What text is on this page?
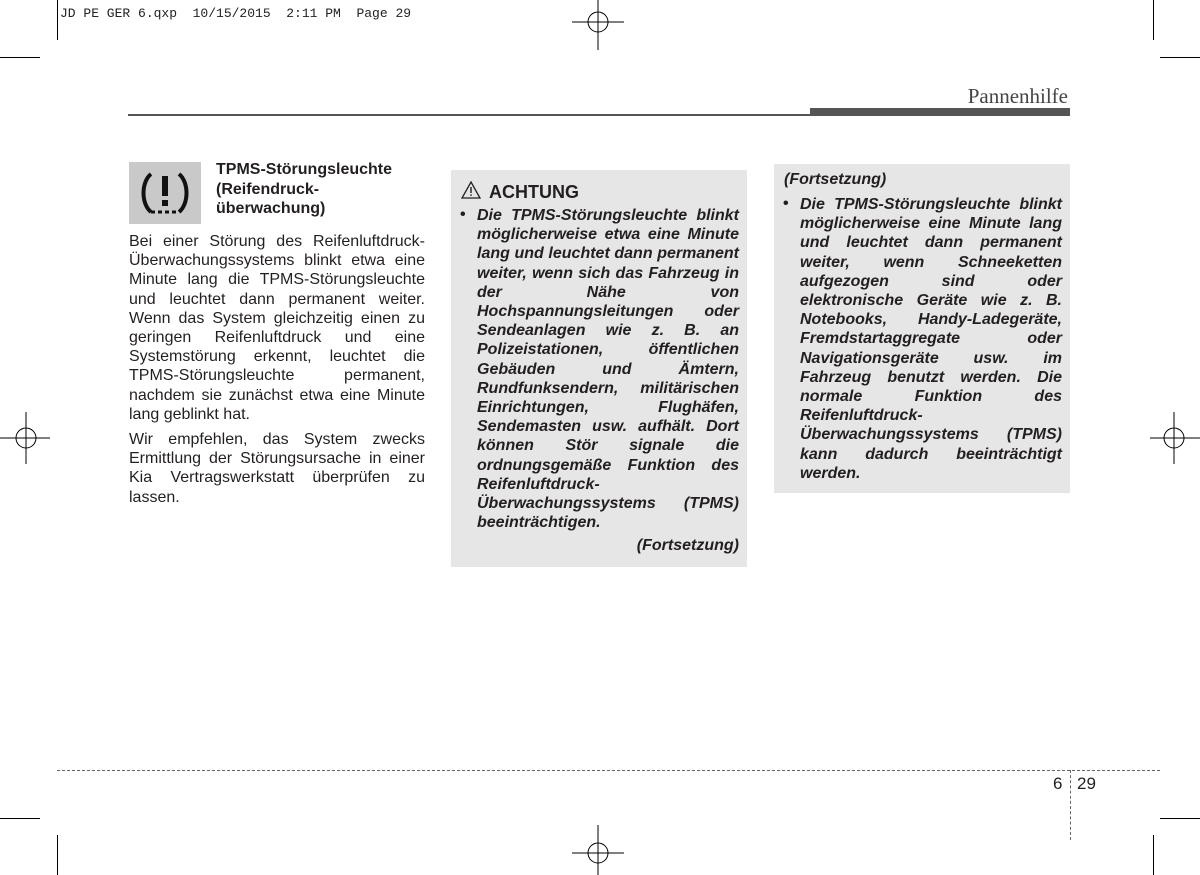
JD PE GER 6.qxp  10/15/2015  2:11 PM  Page 29
Pannenhilfe
TPMS-Störungsleuchte (Reifendruck-überwachung)

Bei einer Störung des Reifenluftdruck-Überwachungssystems blinkt etwa eine Minute lang die TPMS-Störungsleuchte und leuchtet dann permanent weiter. Wenn das System gleichzeitig einen zu geringen Reifenluftdruck und eine Systemstörung erkennt, leuchtet die TPMS-Störungsleuchte permanent, nachdem sie zunächst etwa eine Minute lang geblinkt hat.

Wir empfehlen, das System zwecks Ermittlung der Störungsursache in einer Kia Vertragswerkstatt überprüfen zu lassen.

ACHTUNG
• Die TPMS-Störungsleuchte blinkt möglicherweise etwa eine Minute lang und leuchtet dann permanent weiter, wenn sich das Fahrzeug in der Nähe von Hochspannungsleitungen oder Sendeanlagen wie z. B. an Polizeistationen, öffentlichen Gebäuden und Ämtern, Rundfunksendern, militärischen Einrichtungen, Flughäfen, Sendemasten usw. aufhält. Dort können Stör signale die ordnungsgemäße Funktion des Reifenluftdruck-Überwachungssystems (TPMS) beeinträchtigen.
(Fortsetzung)
(Fortsetzung)
• Die TPMS-Störungsleuchte blinkt möglicherweise eine Minute lang und leuchtet dann permanent weiter, wenn Schneeketten aufgezogen sind oder elektronische Geräte wie z. B. Notebooks, Handy-Ladegeräte, Fremdstartaggregate oder Navigationsgeräte usw. im Fahrzeug benutzt werden. Die normale Funktion des Reifenluftdruck-Überwachungssystems (TPMS) kann dadurch beeinträchtigt werden.
6 29
